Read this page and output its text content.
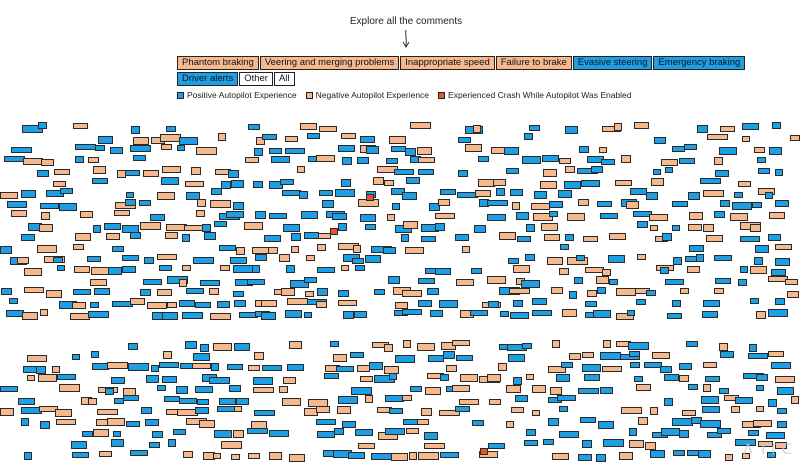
Explore all the comments
Phantom braking	Veering and merging problems	Inappropriate speed	Failure to brake	Evasive steering	Emergency braking
Driver alerts	Other	All
Positive Autopilot Experience Negative Autopilot Experience Experienced Crash While Autopilot Was Enabled
ᐱ ᒥᒋᑕ
